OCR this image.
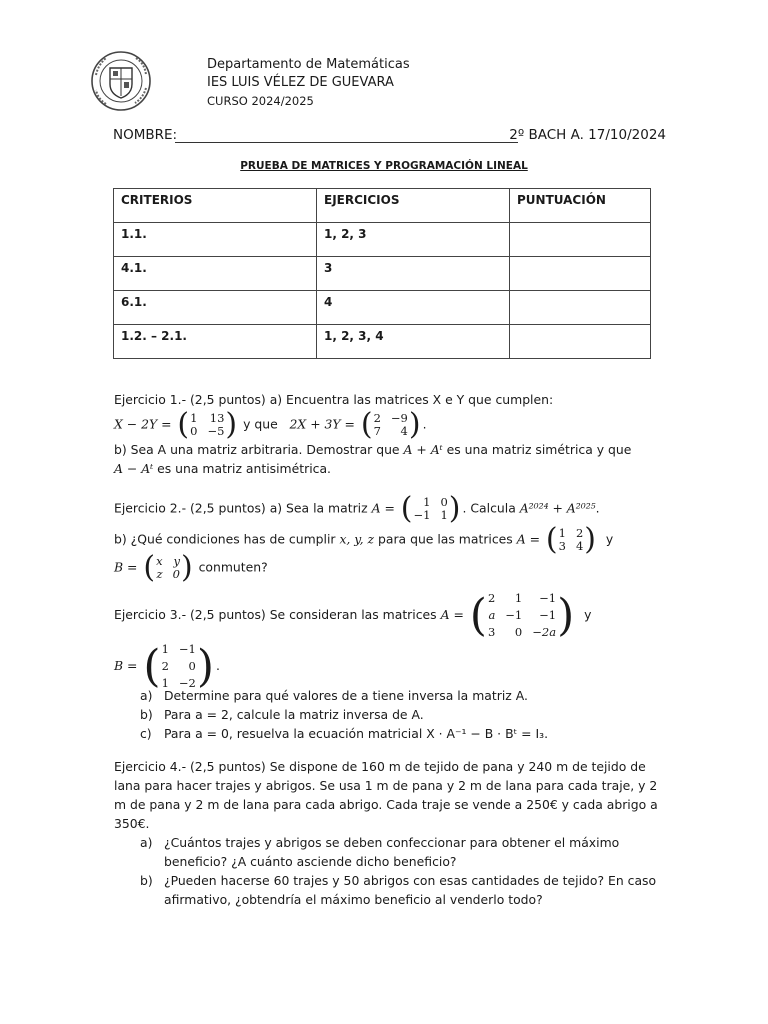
Departamento de Matemáticas
IES LUIS VÉLEZ DE GUEVARA
CURSO 2024/2025
NOMBRE:	2º BACH A. 17/10/2024
PRUEBA DE MATRICES Y PROGRAMACIÓN LINEAL
CRITERIOS	EJERCICIOS	PUNTUACIÓN
1.1.	1, 2, 3	
4.1.	3	
6.1.	4	
1.2. – 2.1.	1, 2, 3, 4	
Ejercicio 1.- (2,5 puntos) a) Encuentra las matrices X e Y que cumplen:
X − 2Y = ( 1 13
0 −5 ) y que 2X + 3Y = ( 2 −9
7	4 ) .
b) Sea A una matriz arbitraria. Demostrar que A + Aᵗ es una matriz simétrica y que
A − Aᵗ es una matriz antisimétrica.
Ejercicio 2.- (2,5 puntos) a) Sea la matriz A = ( 1 0
−1 1 ) . Calcula A²⁰²⁴ + A²⁰²⁵.
b) ¿Qué condiciones has de cumplir x, y, z para que las matrices A = ( 1 2
3 4 ) y
B = ( x y
z 0 ) conmuten?
Ejercicio 3.- (2,5 puntos) Se consideran las matrices A = ( 2	1	−1
a −1	−1
3	0 −2a ) y
B = ( 1 −1
2	0
1 −2 ) .
a) Determine para qué valores de a tiene inversa la matriz A.
b) Para a = 2, calcule la matriz inversa de A.
c) Para a = 0, resuelva la ecuación matricial X · A⁻¹ − B · Bᵗ = I₃.
Ejercicio 4.- (2,5 puntos) Se dispone de 160 m de tejido de pana y 240 m de tejido de
lana para hacer trajes y abrigos. Se usa 1 m de pana y 2 m de lana para cada traje, y 2
m de pana y 2 m de lana para cada abrigo. Cada traje se vende a 250€ y cada abrigo a
350€.
a) ¿Cuántos trajes y abrigos se deben confeccionar para obtener el máximo
beneficio? ¿A cuánto asciende dicho beneficio?
b) ¿Pueden hacerse 60 trajes y 50 abrigos con esas cantidades de tejido? En caso
afirmativo, ¿obtendría el máximo beneficio al venderlo todo?
